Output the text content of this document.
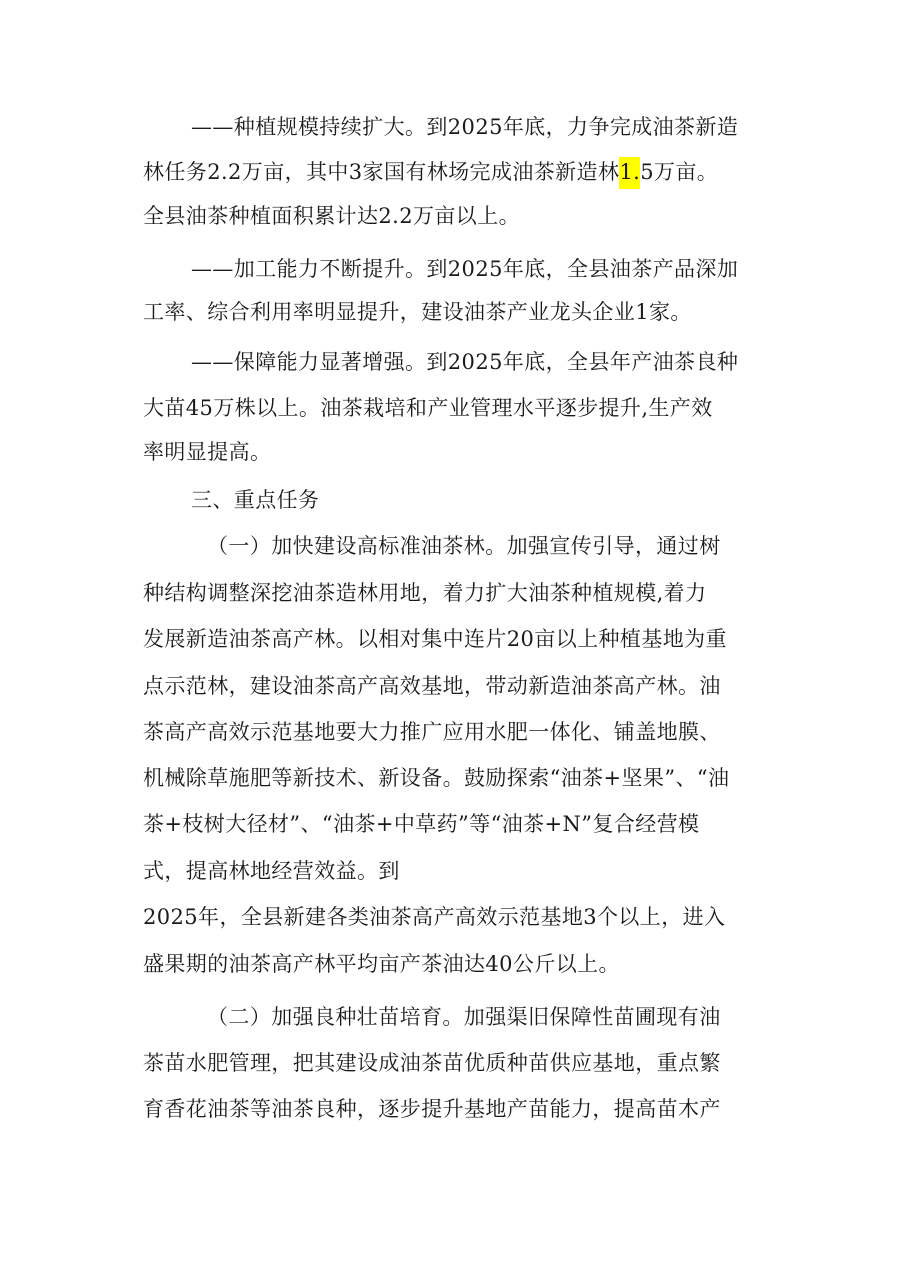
——种植规模持续扩大。到2025年底，力争完成油茶新造
林任务2.2万亩，其中3家国有林场完成油茶新造林1.5万亩。
全县油茶种植面积累计达2.2万亩以上。
——加工能力不断提升。到2025年底，全县油茶产品深加
工率、综合利用率明显提升，建设油茶产业龙头企业1家。
——保障能力显著增强。到2025年底，全县年产油茶良种
大苗45万株以上。油茶栽培和产业管理水平逐步提升,生产效
率明显提高。
三、重点任务
（一）加快建设高标准油茶林。加强宣传引导，通过树
种结构调整深挖油茶造林用地，着力扩大油茶种植规模,着力
发展新造油茶高产林。以相对集中连片20亩以上种植基地为重
点示范林，建设油茶高产高效基地，带动新造油茶高产林。油
茶高产高效示范基地要大力推广应用水肥一体化、铺盖地膜、
机械除草施肥等新技术、新设备。鼓励探索“油茶+坚果”、“油
茶+枝树大径材”、“油茶+中草药”等“油茶+N”复合经营模
式，提高林地经营效益。到
2025年，全县新建各类油茶高产高效示范基地3个以上，进入
盛果期的油茶高产林平均亩产茶油达40公斤以上。
（二）加强良种壮苗培育。加强渠旧保障性苗圃现有油
茶苗水肥管理，把其建设成油茶苗优质种苗供应基地，重点繁
育香花油茶等油茶良种，逐步提升基地产苗能力，提高苗木产
